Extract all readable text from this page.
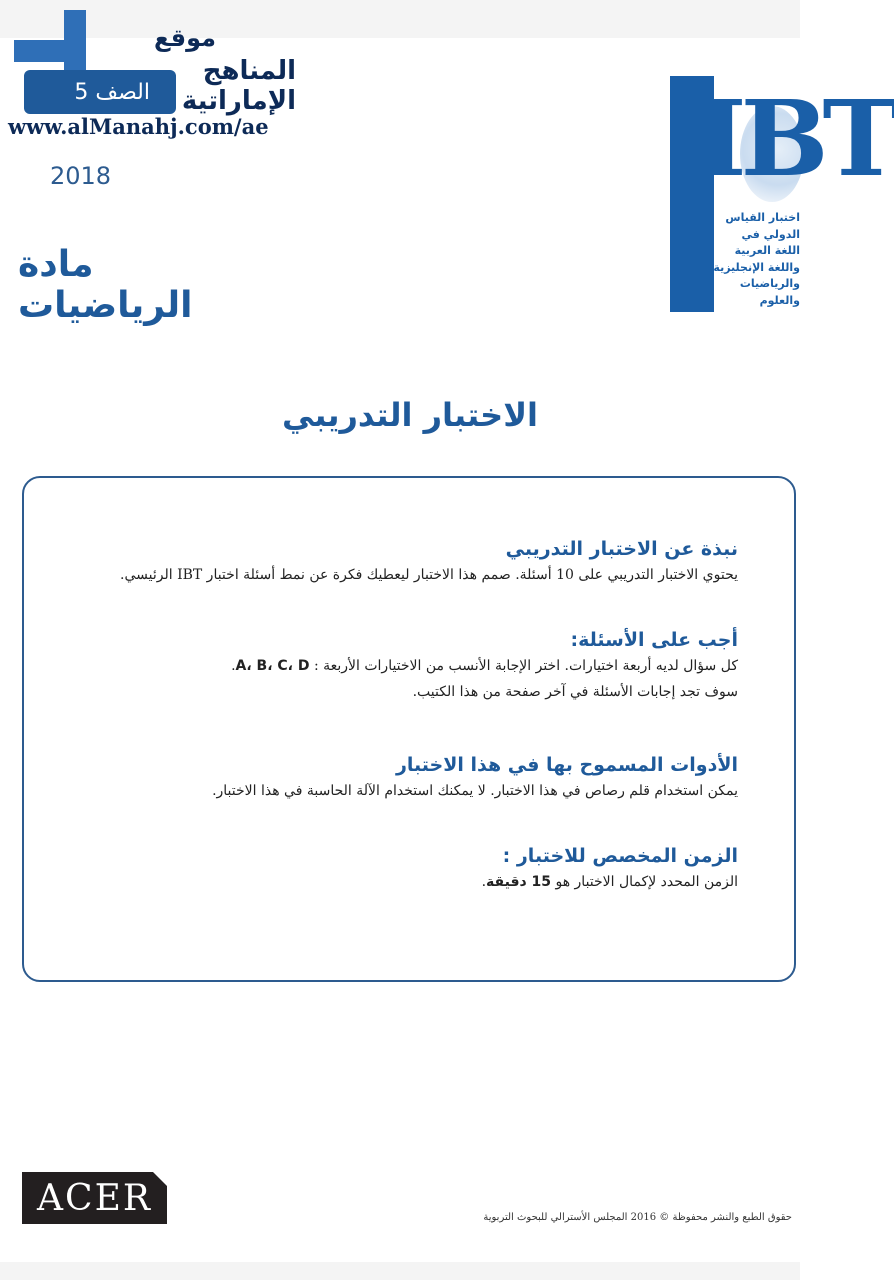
موقع
الصف 5
المناهج الإماراتية
www.alManahj.com/ae
2018
مادة الرياضيات
IBT
اختبار القياس
الدولي في
اللغة العربية
واللغة الإنجليزية
والرياضيات
والعلوم
الاختبار التدريبي
نبذة عن الاختبار التدريبي

يحتوي الاختبار التدريبي على 10 أسئلة. صمم هذا الاختبار ليعطيك فكرة عن نمط أسئلة اختبار IBT الرئيسي.

أجب على الأسئلة:

كل سؤال لديه أربعة اختيارات. اختر الإجابة الأنسب من الاختيارات الأربعة : A، B، C، D.

سوف تجد إجابات الأسئلة في آخر صفحة من هذا الكتيب.

الأدوات المسموح بها في هذا الاختبار

يمكن استخدام قلم رصاص في هذا الاختبار. لا يمكنك استخدام الآلة الحاسبة في هذا الاختبار.

الزمن المخصص للاختبار :

الزمن المحدد لإكمال الاختبار هو 15 دقيقة.

ACER	حقوق الطبع والنشر محفوظة © 2016 المجلس الأسترالي للبحوث التربوية
